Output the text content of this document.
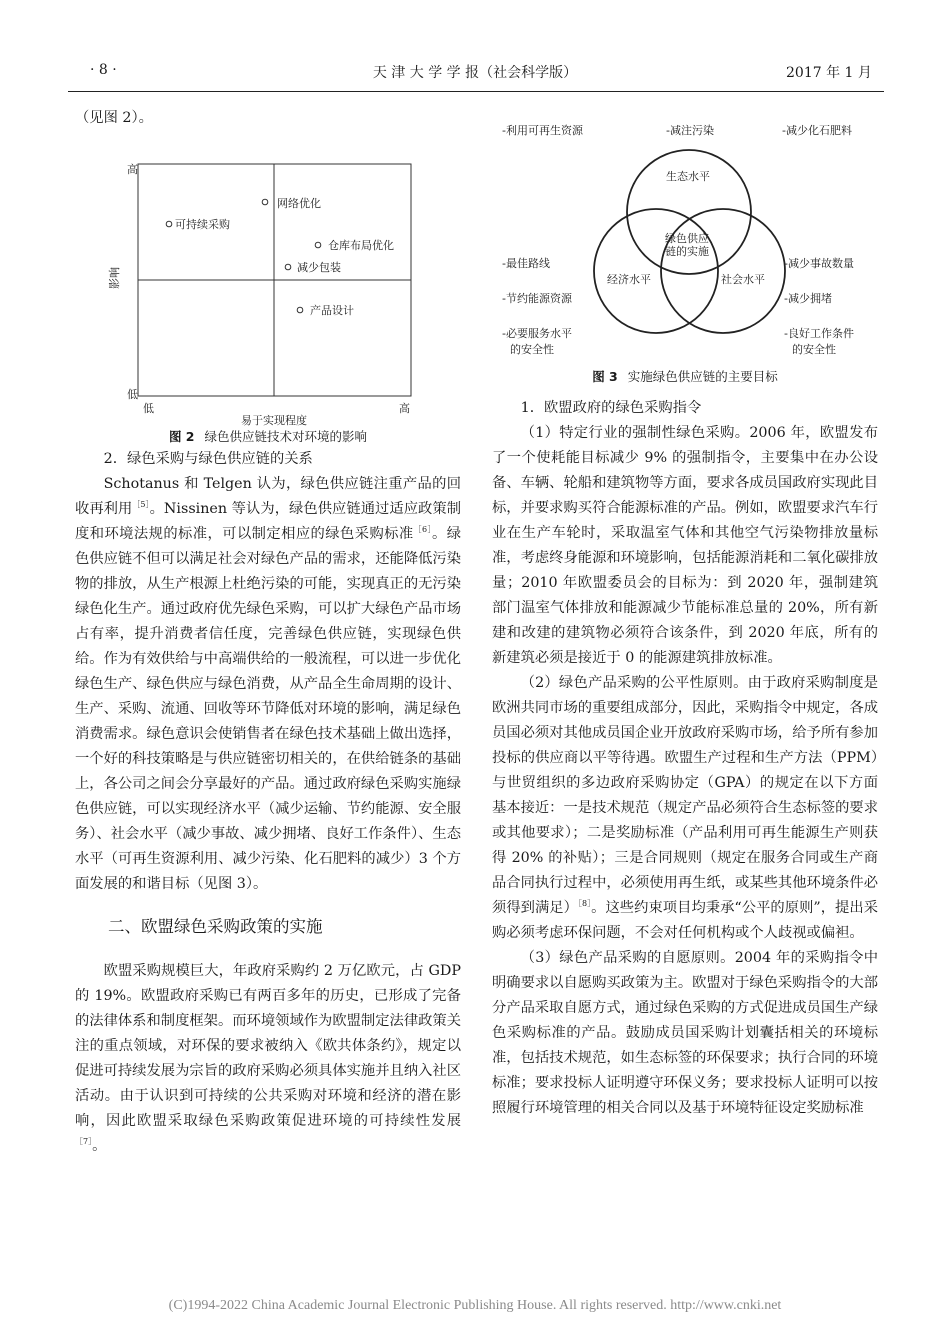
· 8 ·	天 津 大 学 学 报（社会科学版）	2017 年 1 月

（见图 2）。

高
低
影响
低	高
易于实现程度
网络优化
可持续采购
仓库布局优化
减少包装
产品设计
图 2 绿色供应链技术对环境的影响

2．绿色采购与绿色供应链的关系

Schotanus 和 Telgen 认为，绿色供应链注重产品的回收再利用$^{[5]}$。Nissinen 等认为，绿色供应链通过适应政策制度和环境法规的标准，可以制定相应的绿色采购标准$^{[6]}$。绿色供应链不但可以满足社会对绿色产品的需求，还能降低污染物的排放，从生产根源上杜绝污染的可能，实现真正的无污染绿色化生产。通过政府优先绿色采购，可以扩大绿色产品市场占有率，提升消费者信任度，完善绿色供应链，实现绿色供给。作为有效供给与中高端供给的一般流程，可以进一步优化绿色生产、绿色供应与绿色消费，从产品全生命周期的设计、生产、采购、流通、回收等环节降低对环境的影响，满足绿色消费需求。绿色意识会使销售者在绿色技术基础上做出选择，一个好的科技策略是与供应链密切相关的，在供给链条的基础上，各公司之间会分享最好的产品。通过政府绿色采购实施绿色供应链，可以实现经济水平（减少运输、节约能源、安全服务）、社会水平（减少事故、减少拥堵、良好工作条件）、生态水平（可再生资源利用、减少污染、化石肥料的减少）3 个方面发展的和谐目标（见图 3）。

二、欧盟绿色采购政策的实施

欧盟采购规模巨大，年政府采购约 2 万亿欧元，占 GDP 的 19%。欧盟政府采购已有两百多年的历史，已形成了完备的法律体系和制度框架。而环境领域作为欧盟制定法律政策关注的重点领域，对环保的要求被纳入《欧共体条约》，规定以促进可持续发展为宗旨的政府采购必须具体实施并且纳入社区活动。由于认识到可持续的公共采购对环境和经济的潜在影响，因此欧盟采取绿色采购政策促进环境的可持续性发展$^{[7]}$。

-利用可再生资源	-减注污染	-减少化石肥料
生态水平
经济水平	社会水平
绿色供应
链的实施
-最佳路线
-节约能源资源
-必要服务水平
的安全性
-减少事故数量
-减少拥堵
-良好工作条件
的安全性
图 3 实施绿色供应链的主要目标

1．欧盟政府的绿色采购指令

（1）特定行业的强制性绿色采购。2006 年，欧盟发布了一个使耗能目标减少 9% 的强制指令，主要集中在办公设备、车辆、轮船和建筑物等方面，要求各成员国政府实现此目标，并要求购买符合能源标准的产品。例如，欧盟要求汽车行业在生产车轮时，采取温室气体和其他空气污染物排放量标准，考虑终身能源和环境影响，包括能源消耗和二氧化碳排放量；2010 年欧盟委员会的目标为：到 2020 年，强制建筑部门温室气体排放和能源减少节能标准总量的 20%，所有新建和改建的建筑物必须符合该条件，到 2020 年底，所有的新建筑必须是接近于 0 的能源建筑排放标准。

（2）绿色产品采购的公平性原则。由于政府采购制度是欧洲共同市场的重要组成部分，因此，采购指令中规定，各成员国必须对其他成员国企业开放政府采购市场，给予所有参加投标的供应商以平等待遇。欧盟生产过程和生产方法（PPM）与世贸组织的多边政府采购协定（GPA）的规定在以下方面基本接近：一是技术规范（规定产品必须符合生态标签的要求或其他要求）；二是奖励标准（产品利用可再生能源生产则获得 20% 的补贴）；三是合同规则（规定在服务合同或生产商品合同执行过程中，必须使用再生纸，或某些其他环境条件必须得到满足）$^{[8]}$。这些约束项目均秉承“公平的原则”，提出采购必须考虑环保问题，不会对任何机构或个人歧视或偏袒。

（3）绿色产品采购的自愿原则。2004 年的采购指令中明确要求以自愿购买政策为主。欧盟对于绿色采购指令的大部分产品采取自愿方式，通过绿色采购的方式促进成员国生产绿色采购标准的产品。鼓励成员国采购计划囊括相关的环境标准，包括技术规范，如生态标签的环保要求；执行合同的环境标准；要求投标人证明遵守环保义务；要求投标人证明可以按照履行环境管理的相关合同以及基于环境特征设定奖励标准

(C)1994-2022 China Academic Journal Electronic Publishing House. All rights reserved. http://www.cnki.net
